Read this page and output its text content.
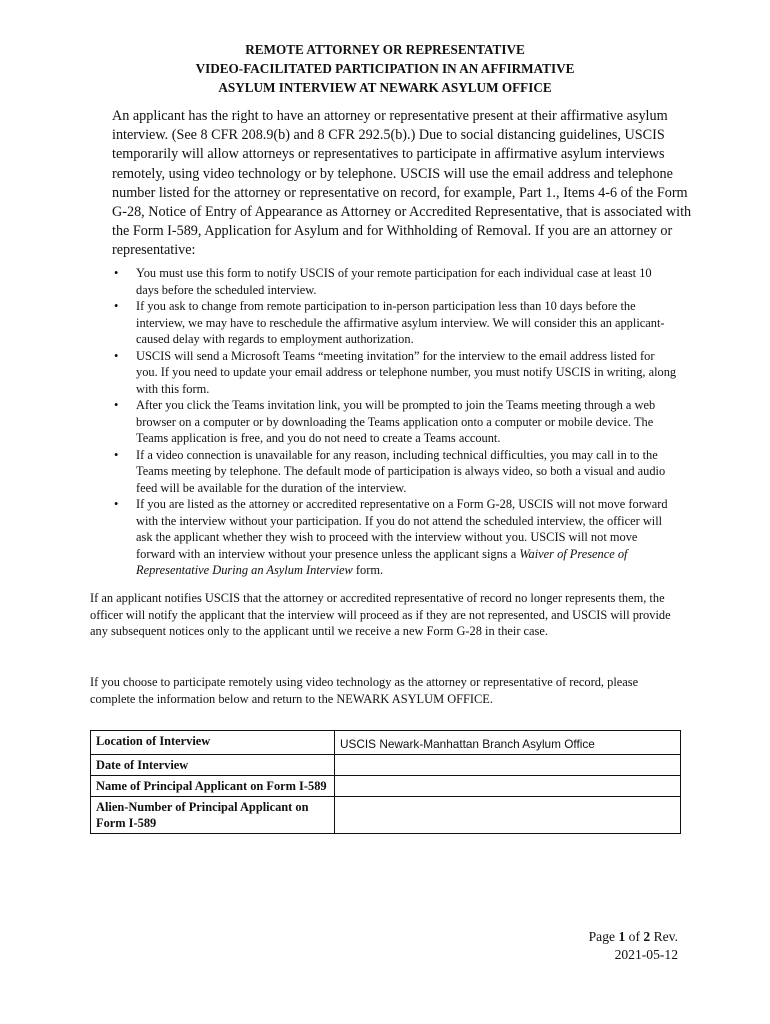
REMOTE ATTORNEY OR REPRESENTATIVE
VIDEO-FACILITATED PARTICIPATION IN AN AFFIRMATIVE
ASYLUM INTERVIEW AT NEWARK ASYLUM OFFICE

An applicant has the right to have an attorney or representative present at their affirmative asylum interview. (See 8 CFR 208.9(b) and 8 CFR 292.5(b).) Due to social distancing guidelines, USCIS temporarily will allow attorneys or representatives to participate in affirmative asylum interviews remotely, using video technology or by telephone. USCIS will use the email address and telephone number listed for the attorney or representative on record, for example, Part 1., Items 4-6 of the Form G-28, Notice of Entry of Appearance as Attorney or Accredited Representative, that is associated with the Form I-589, Application for Asylum and for Withholding of Removal. If you are an attorney or representative:

• You must use this form to notify USCIS of your remote participation for each individual case at least 10 days before the scheduled interview.
• If you ask to change from remote participation to in-person participation less than 10 days before the interview, we may have to reschedule the affirmative asylum interview. We will consider this an applicant-caused delay with regards to employment authorization.
• USCIS will send a Microsoft Teams “meeting invitation” for the interview to the email address listed for you. If you need to update your email address or telephone number, you must notify USCIS in writing, along with this form.
• After you click the Teams invitation link, you will be prompted to join the Teams meeting through a web browser on a computer or by downloading the Teams application onto a computer or mobile device. The Teams application is free, and you do not need to create a Teams account.
• If a video connection is unavailable for any reason, including technical difficulties, you may call in to the Teams meeting by telephone. The default mode of participation is always video, so both a visual and audio feed will be available for the duration of the interview.
• If you are listed as the attorney or accredited representative on a Form G-28, USCIS will not move forward with the interview without your participation. If you do not attend the scheduled interview, the officer will ask the applicant whether they wish to proceed with the interview without you. USCIS will not move forward with an interview without your presence unless the applicant signs a Waiver of Presence of Representative During an Asylum Interview form.

If an applicant notifies USCIS that the attorney or accredited representative of record no longer represents them, the officer will notify the applicant that the interview will proceed as if they are not represented, and USCIS will provide any subsequent notices only to the applicant until we receive a new Form G-28 in their case.

If you choose to participate remotely using video technology as the attorney or representative of record, please complete the information below and return to the NEWARK ASYLUM OFFICE.

Location of Interview	USCIS Newark-Manhattan Branch Asylum Office
Date of Interview	
Name of Principal Applicant on Form I-589	
Alien-Number of Principal Applicant on Form I-589	
Page 1 of 2 Rev.
2021-05-12
